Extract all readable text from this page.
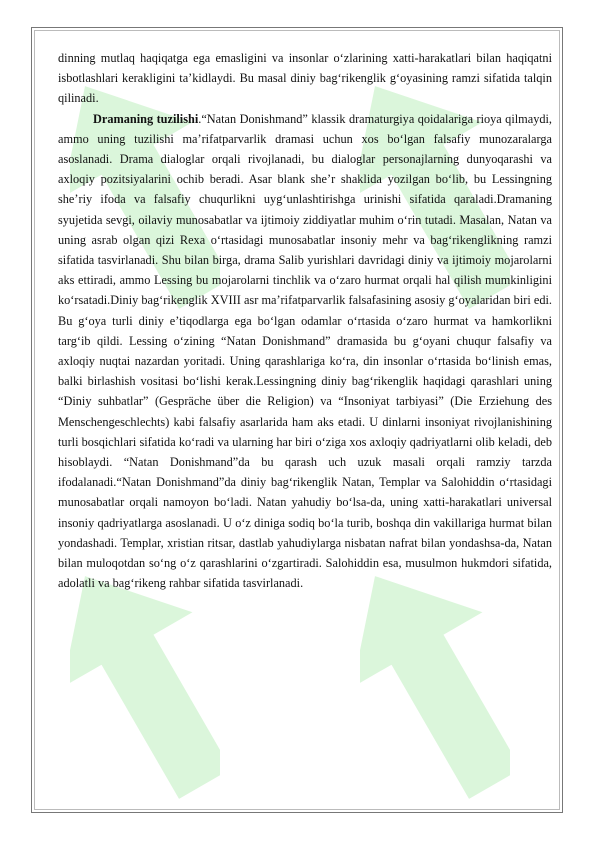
dinning mutlaq haqiqatga ega emasligini va insonlar o‘zlarining xatti-harakatlari bilan haqiqatni isbotlashlari kerakligini ta’kidlaydi. Bu masal diniy bag‘rikenglik g‘oyasining ramzi sifatida talqin qilinadi.

Dramaning tuzilishi.“Natan Donishmand” klassik dramaturgiya qoidalariga rioya qilmaydi, ammo uning tuzilishi ma’rifatparvarlik dramasi uchun xos bo‘lgan falsafiy munozaralarga asoslanadi. Drama dialoglar orqali rivojlanadi, bu dialoglar personajlarning dunyoqarashi va axloqiy pozitsiyalarini ochib beradi. Asar blank she’r shaklida yozilgan bo‘lib, bu Lessingning she’riy ifoda va falsafiy chuqurlikni uyg‘unlashtirishga urinishi sifatida qaraladi.Dramaning syujetida sevgi, oilaviy munosabatlar va ijtimoiy ziddiyatlar muhim o‘rin tutadi. Masalan, Natan va uning asrab olgan qizi Rexa o‘rtasidagi munosabatlar insoniy mehr va bag‘rikenglikning ramzi sifatida tasvirlanadi. Shu bilan birga, drama Salib yurishlari davridagi diniy va ijtimoiy mojarolarni aks ettiradi, ammo Lessing bu mojarolarni tinchlik va o‘zaro hurmat orqali hal qilish mumkinligini ko‘rsatadi.Diniy bag‘rikenglik XVIII asr ma’rifatparvarlik falsafasining asosiy g‘oyalaridan biri edi. Bu g‘oya turli diniy e’tiqodlarga ega bo‘lgan odamlar o‘rtasida o‘zaro hurmat va hamkorlikni targ‘ib qildi. Lessing o‘zining “Natan Donishmand” dramasida bu g‘oyani chuqur falsafiy va axloqiy nuqtai nazardan yoritadi. Uning qarashlariga ko‘ra, din insonlar o‘rtasida bo‘linish emas, balki birlashish vositasi bo‘lishi kerak.Lessingning diniy bag‘rikenglik haqidagi qarashlari uning “Diniy suhbatlar” (Gespräche über die Religion) va “Insoniyat tarbiyasi” (Die Erziehung des Menschengeschlechts) kabi falsafiy asarlarida ham aks etadi. U dinlarni insoniyat rivojlanishining turli bosqichlari sifatida ko‘radi va ularning har biri o‘ziga xos axloqiy qadriyatlarni olib keladi, deb hisoblaydi. “Natan Donishmand”da bu qarash uch uzuk masali orqali ramziy tarzda ifodalanadi.“Natan Donishmand”da diniy bag‘rikenglik Natan, Templar va Salohiddin o‘rtasidagi munosabatlar orqali namoyon bo‘ladi. Natan yahudiy bo‘lsa-da, uning xatti-harakatlari universal insoniy qadriyatlarga asoslanadi. U o‘z diniga sodiq bo‘la turib, boshqa din vakillariga hurmat bilan yondashadi. Templar, xristian ritsar, dastlab yahudiylarga nisbatan nafrat bilan yondashsa-da, Natan bilan muloqotdan so‘ng o‘z qarashlarini o‘zgartiradi. Salohiddin esa, musulmon hukmdori sifatida, adolatli va bag‘rikeng rahbar sifatida tasvirlanadi.
